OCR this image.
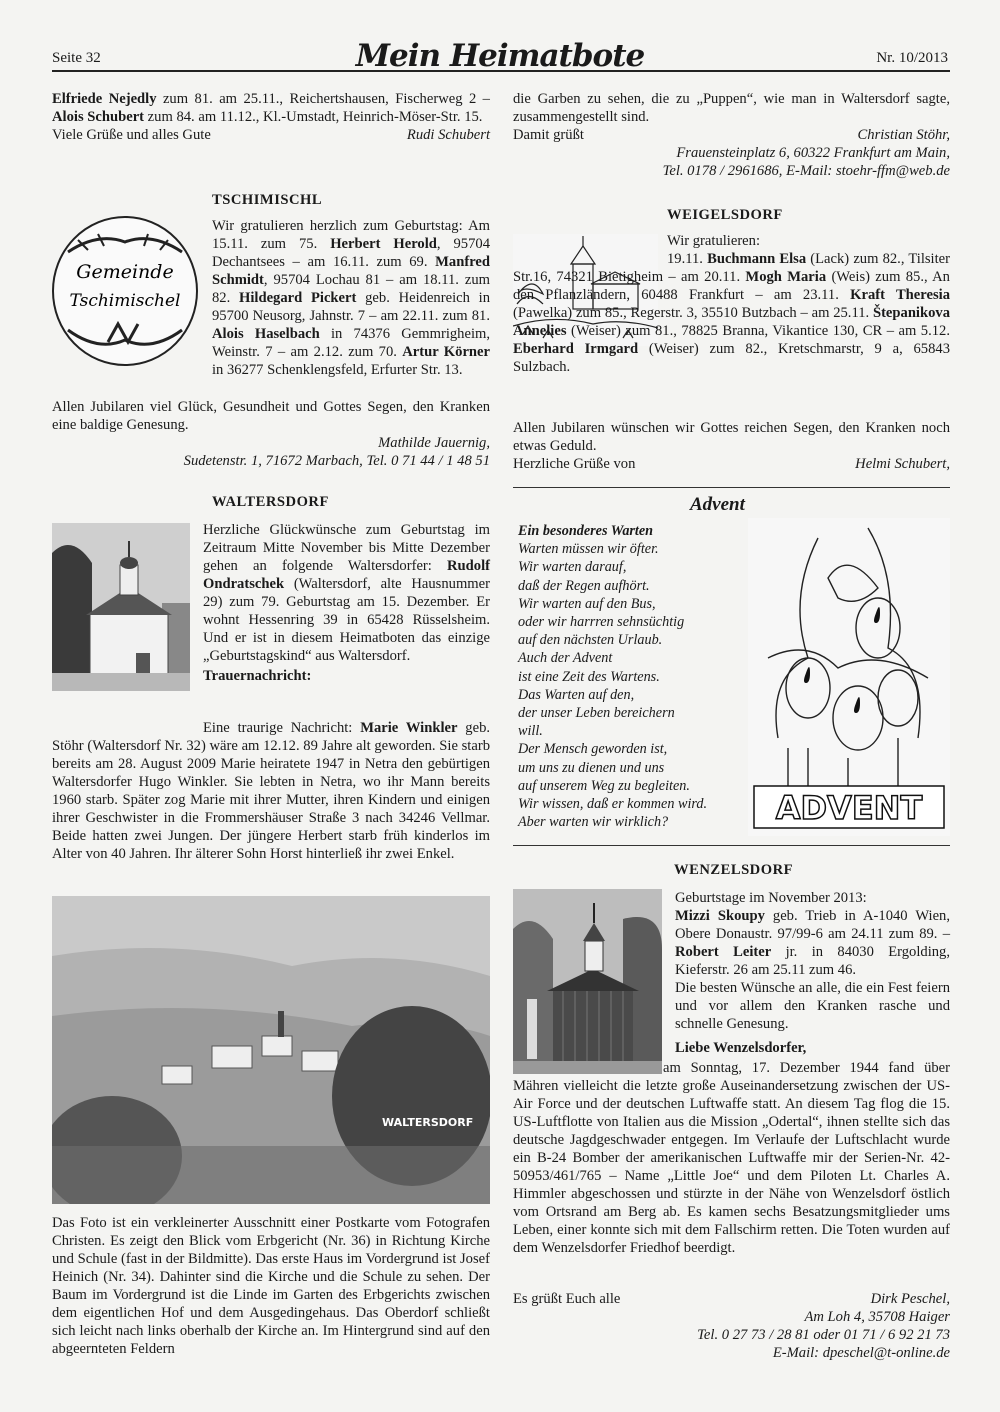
Seite 32	Mein Heimatbote	Nr. 10/2013

Elfriede Nejedly zum 81. am 25.11., Reichertshausen, Fischerweg 2 – Alois Schubert zum 84. am 11.12., Kl.-Umstadt, Heinrich-Möser-Str. 15.

Viele Grüße und alles Gute	Rudi Schubert
TSCHIMISCHL
Gemeinde
Tschimischel

Wir gratulieren herzlich zum Geburtstag: Am 15.11. zum 75. Herbert Herold, 95704 Dechantsees – am 16.11. zum 69. Manfred Schmidt, 95704 Lochau 81 – am 18.11. zum 82. Hildegard Pickert geb. Heidenreich in 95700 Neusorg, Jahnstr. 7 – am 22.11. zum 81. Alois Haselbach in 74376 Gemmrigheim, Weinstr. 7 – am 2.12. zum 70. Artur Körner in 36277 Schenklengsfeld, Erfurter Str. 13.

Allen Jubilaren viel Glück, Gesundheit und Gottes Segen, den Kranken eine baldige Genesung.

Mathilde Jauernig,

Sudetenstr. 1, 71672 Marbach, Tel. 0 71 44 / 1 48 51

WALTERSDORF

Herzliche Glückwünsche zum Geburtstag im Zeitraum Mitte November bis Mitte Dezember gehen an folgende Waltersdorfer: Rudolf Ondratschek (Waltersdorf, alte Hausnummer 29) zum 79. Geburtstag am 15. Dezember. Er wohnt Hessenring 39 in 65428 Rüsselsheim. Und er ist in diesem Heimatboten das einzige „Geburtstagskind“ aus Waltersdorf.

Trauernachricht:

Eine traurige Nachricht: Marie Winkler geb. Stöhr (Waltersdorf Nr. 32) wäre am 12.12. 89 Jahre alt geworden. Sie starb bereits am 28. August 2009 Marie heiratete 1947 in Netra den gebürtigen Waltersdorfer Hugo Winkler. Sie lebten in Netra, wo ihr Mann bereits 1960 starb. Später zog Marie mit ihrer Mutter, ihren Kindern und einigen ihrer Geschwister in die Frommershäuser Straße 3 nach 34246 Vellmar. Beide hatten zwei Jungen. Der jüngere Herbert starb früh kinderlos im Alter von 40 Jahren. Ihr älterer Sohn Horst hinterließ ihr zwei Enkel.

WALTERSDORF
Das Foto ist ein verkleinerter Ausschnitt einer Postkarte vom Fotografen Christen. Es zeigt den Blick vom Erbgericht (Nr. 36) in Richtung Kirche und Schule (fast in der Bildmitte). Das erste Haus im Vordergrund ist Josef Heinich (Nr. 34). Dahinter sind die Kirche und die Schule zu sehen. Der Baum im Vordergrund ist die Linde im Garten des Erbgerichts zwischen dem eigentlichen Hof und dem Ausgedingehaus. Das Oberdorf schließt sich leicht nach links oberhalb der Kirche an. Im Hintergrund sind auf den abgeernteten Feldern

die Garben zu sehen, die zu „Puppen“, wie man in Waltersdorf sagte, zusammengestellt sind.

Damit grüßt	Christian Stöhr,

Frauensteinplatz 6, 60322 Frankfurt am Main,

Tel. 0178 / 2961686, E-Mail: stoehr-ffm@web.de

WEIGELSDORF

Wir gratulieren:

19.11. Buchmann Elsa (Lack) zum 82., Tilsiter Str.16, 74321 Bietigheim – am 20.11. Mogh Maria (Weis) zum 85., An den Pflanzländern, 60488 Frankfurt – am 23.11. Kraft Theresia (Pawelka) zum 85., Regerstr. 3, 35510 Butzbach – am 25.11. Štepanikova Annelies (Weiser) zum 81., 78825 Branna, Vikantice 130, CR – am 5.12. Eberhard Irmgard (Weiser) zum 82., Kretschmarstr, 9 a, 65843 Sulzbach.

Allen Jubilaren wünschen wir Gottes reichen Segen, den Kranken noch etwas Geduld.

Herzliche Grüße von	Helmi Schubert,
Advent

Ein besonderes Warten

Warten müssen wir öfter.

Wir warten darauf,

daß der Regen aufhört.

Wir warten auf den Bus,

oder wir harrren sehnsüchtig

auf den nächsten Urlaub.

Auch der Advent

ist eine Zeit des Wartens.

Das Warten auf den,

der unser Leben bereichern

will.

Der Mensch geworden ist,

um uns zu dienen und uns

auf unserem Weg zu begleiten.

Wir wissen, daß er kommen wird.

Aber warten wir wirklich?	ADVENT
WENZELSDORF

Geburtstage im November 2013:

Mizzi Skoupy geb. Trieb in A-1040 Wien, Obere Donaustr. 97/99-6 am 24.11 zum 89. – Robert Leiter jr. in 84030 Ergolding, Kieferstr. 26 am 25.11 zum 46.

Die besten Wünsche an alle, die ein Fest feiern und vor allem den Kranken rasche und schnelle Genesung.

Liebe Wenzelsdorfer,

am Sonntag, 17. Dezember 1944 fand über Mähren vielleicht die letzte große Auseinandersetzung zwischen der US-Air Force und der deutschen Luftwaffe statt. An diesem Tag flog die 15. US-Luftflotte von Italien aus die Mission „Odertal“, ihnen stellte sich das deutsche Jagdgeschwader entgegen. Im Verlaufe der Luftschlacht wurde ein B-24 Bomber der amerikanischen Luftwaffe mir der Serien-Nr. 42-50953/461/765 – Name „Little Joe“ und dem Piloten Lt. Charles A. Himmler abgeschossen und stürzte in der Nähe von Wenzelsdorf östlich vom Ortsrand am Berg ab. Es kamen sechs Besatzungsmitglieder ums Leben, einer konnte sich mit dem Fallschirm retten. Die Toten wurden auf dem Wenzelsdorfer Friedhof beerdigt.

Es grüßt Euch alle	Dirk Peschel,

Am Loh 4, 35708 Haiger

Tel. 0 27 73 / 28 81 oder 01 71 / 6 92 21 73

E-Mail: dpeschel@t-online.de
